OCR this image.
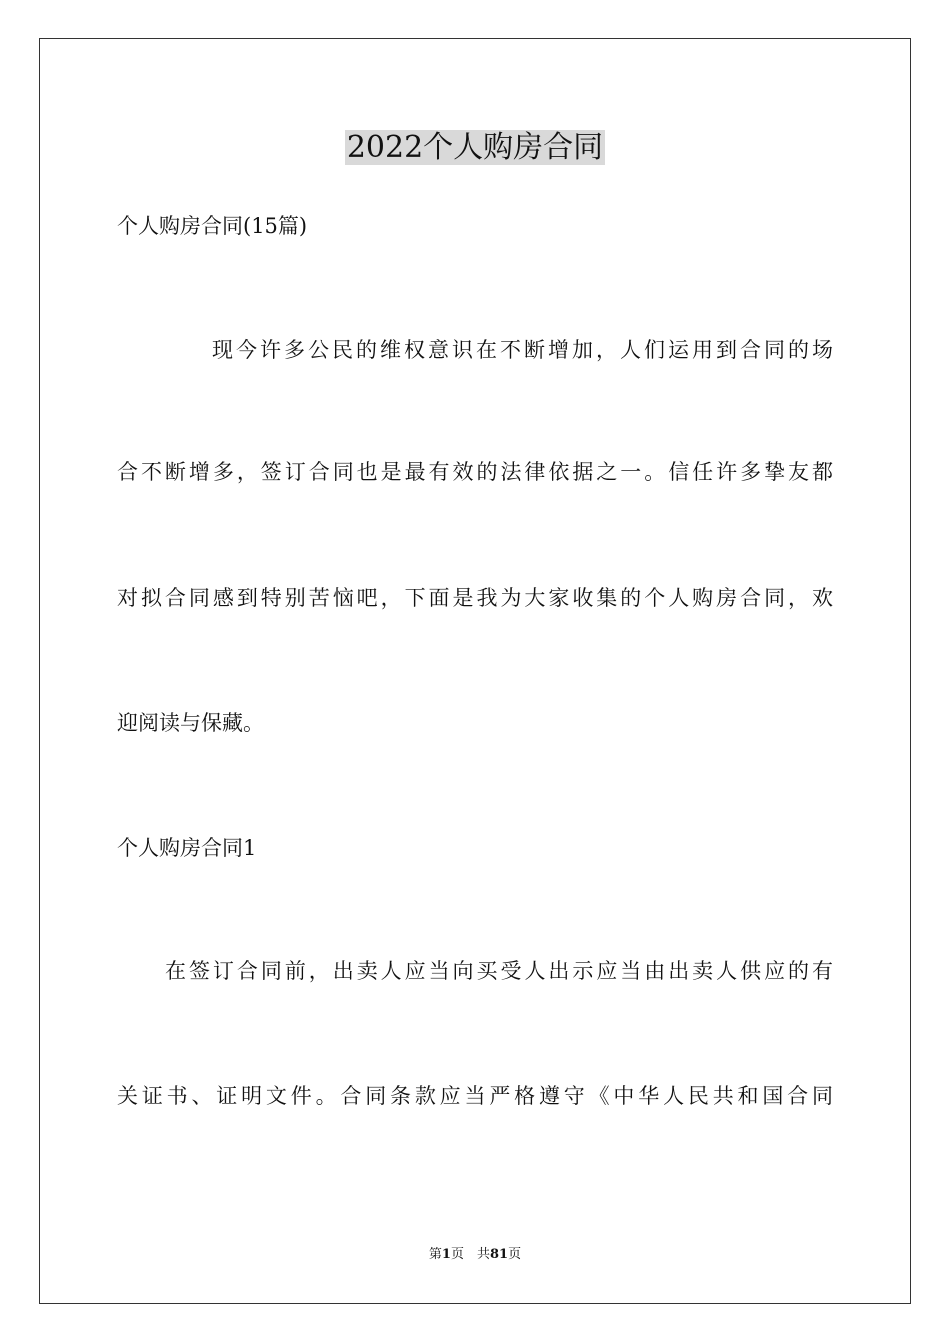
2022个人购房合同
个人购房合同(15篇)
现今许多公民的维权意识在不断增加，人们运用到合同的场
合不断增多，签订合同也是最有效的法律依据之一。信任许多挚友都
对拟合同感到特别苦恼吧，下面是我为大家收集的个人购房合同，欢
迎阅读与保藏。
个人购房合同1
在签订合同前，出卖人应当向买受人出示应当由出卖人供应的有
关证书、证明文件。合同条款应当严格遵守《中华人民共和国合同
第1页　共81页
